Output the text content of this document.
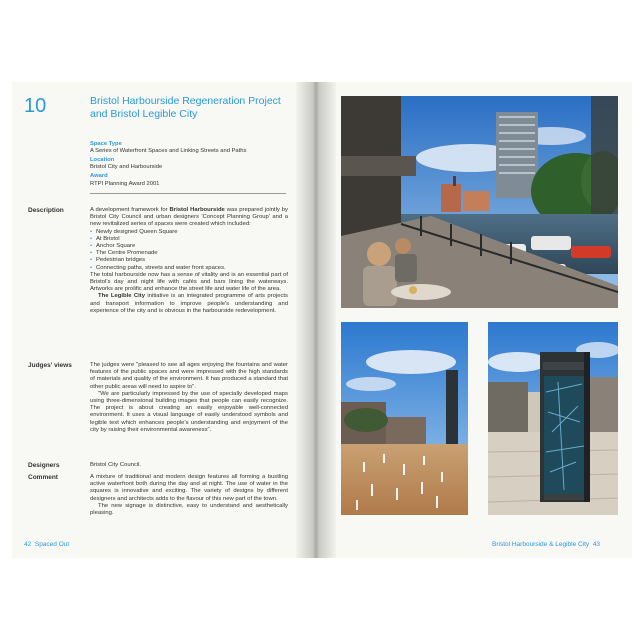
10	Bristol Harbourside Regeneration Project and Bristol Legible City
Space Type
A Series of Waterfront Spaces and Linking Streets and Paths
Location
Bristol City and Harbourside
Award
RTPI Planning Award 2001
Description	A development framework for Bristol Harbourside was prepared jointly by Bristol City Council and urban designers 'Concept Planning Group' and a new revitalized series of spaces were created which included:

• Newly designed Queen Square
• At Bristol
• Anchor Square
• The Centre Promenade
• Pedestrian bridges
• Connecting paths, streets and water front spaces.

The total harbourside now has a sense of vitality and is an essential part of Bristol's day and night life with cafés and bars lining the waterways. Artworks are prolific and enhance the street life and water life of the area.

The Legible City initiative is an integrated programme of arts projects and transport information to improve people's understanding and experience of the city and is obvious in the harbourside redevelopment.

Judges' views	The judges were "pleased to see all ages enjoying the fountains and water features of the public spaces and were impressed with the high standards of materials and quality of the environment. It has produced a standard that other public areas will need to aspire to".

"We are particularly impressed by the use of specially developed maps using three-dimensional building images that people can easily recognize. The project is about creating an easily enjoyable well-connected environment. It uses a visual language of easily understood symbols and legible text which enhances people's understanding and enjoyment of the city by raising their environmental awareness".

Designers	Bristol City Council.
Comment	A mixture of traditional and modern design features all forming a bustling active waterfront both during the day and at night. The use of water in the squares is innovative and exciting. The variety of designs by different designers and architects adds to the flavour of this new part of the town.

The new signage is distinctive, easy to understand and aesthetically pleasing.

42 Spaced Out	Bristol Harbourside & Legible City 43
